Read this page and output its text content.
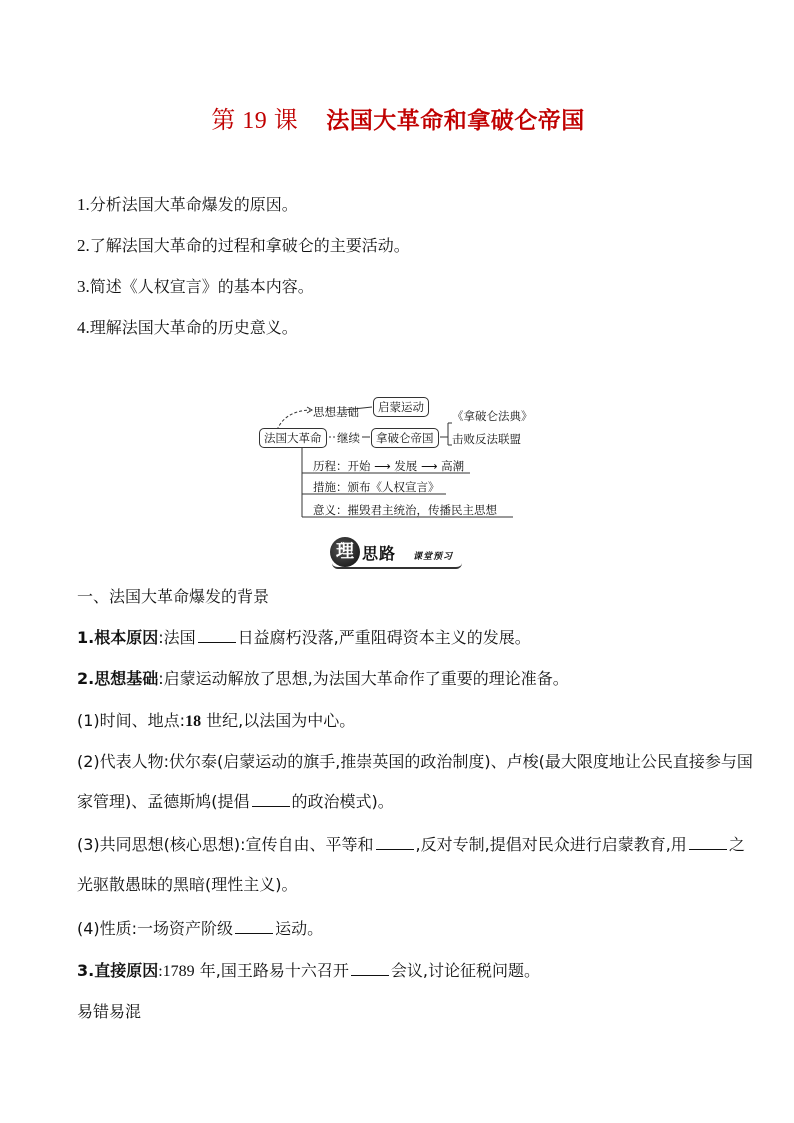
第 19 课 法国大革命和拿破仑帝国
1.分析法国大革命爆发的原因。
2.了解法国大革命的过程和拿破仑的主要活动。
3.简述《人权宣言》的基本内容。
4.理解法国大革命的历史意义。
法国大革命
思想基础	启蒙运动
继续	拿破仑帝国
《拿破仑法典》
击败反法联盟
历程：开始 ⟶ 发展 ⟶ 高潮
措施：颁布《人权宣言》
意义：摧毁君主统治，传播民主思想
理 思路 课堂预习
一、法国大革命爆发的背景
1.根本原因:法国	日益腐朽没落,严重阻碍资本主义的发展。
2.思想基础:启蒙运动解放了思想,为法国大革命作了重要的理论准备。
(1)时间、地点:18 世纪,以法国为中心。
(2)代表人物:伏尔泰(启蒙运动的旗手,推崇英国的政治制度)、卢梭(最大限度地让公民直接参与国家管理)、孟德斯鸠(提倡	的政治模式)。
(3)共同思想(核心思想):宣传自由、平等和	,反对专制,提倡对民众进行启蒙教育,用	之光驱散愚昧的黑暗(理性主义)。
(4)性质:一场资产阶级	运动。
3.直接原因:1789 年,国王路易十六召开	会议,讨论征税问题。
易错易混
